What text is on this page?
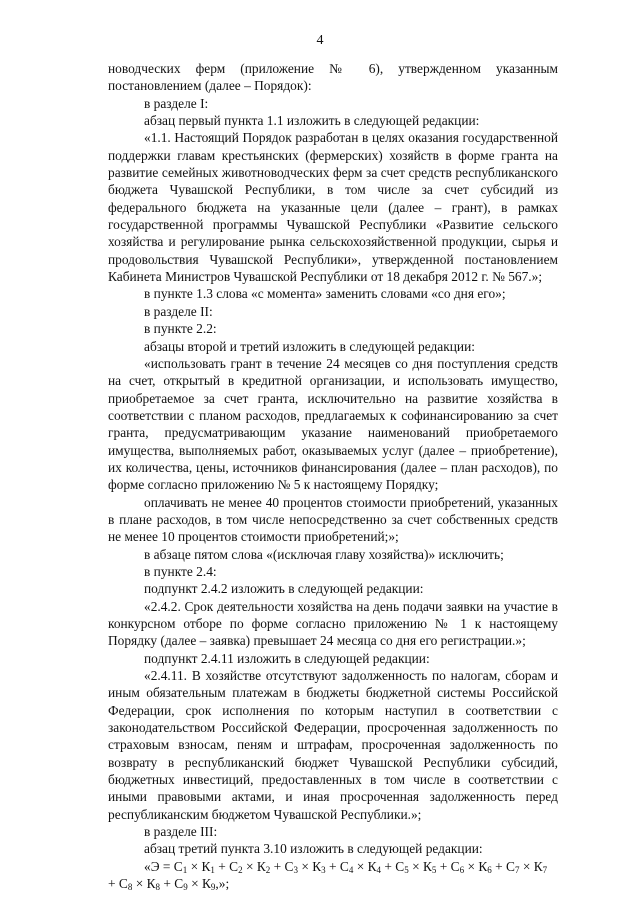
4

новодческих ферм (приложение № 6), утвержденном указанным постановлением (далее – Порядок):

в разделе I:

абзац первый пункта 1.1 изложить в следующей редакции:

«1.1. Настоящий Порядок разработан в целях оказания государственной поддержки главам крестьянских (фермерских) хозяйств в форме гранта на развитие семейных животноводческих ферм за счет средств республиканского бюджета Чувашской Республики, в том числе за счет субсидий из федерального бюджета на указанные цели (далее – грант), в рамках государственной программы Чувашской Республики «Развитие сельского хозяйства и регулирование рынка сельскохозяйственной продукции, сырья и продовольствия Чувашской Республики», утвержденной постановлением Кабинета Министров Чувашской Республики от 18 декабря 2012 г. № 567.»;

в пункте 1.3 слова «с момента» заменить словами «со дня его»;

в разделе II:

в пункте 2.2:

абзацы второй и третий изложить в следующей редакции:

«использовать грант в течение 24 месяцев со дня поступления средств на счет, открытый в кредитной организации, и использовать имущество, приобретаемое за счет гранта, исключительно на развитие хозяйства в соответствии с планом расходов, предлагаемых к софинансированию за счет гранта, предусматривающим указание наименований приобретаемого имущества, выполняемых работ, оказываемых услуг (далее – приобретение), их количества, цены, источников финансирования (далее – план расходов), по форме согласно приложению № 5 к настоящему Порядку;

оплачивать не менее 40 процентов стоимости приобретений, указанных в плане расходов, в том числе непосредственно за счет собственных средств не менее 10 процентов стоимости приобретений;»;

в абзаце пятом слова «(исключая главу хозяйства)» исключить;

в пункте 2.4:

подпункт 2.4.2 изложить в следующей редакции:

«2.4.2. Срок деятельности хозяйства на день подачи заявки на участие в конкурсном отборе по форме согласно приложению № 1 к настоящему Порядку (далее – заявка) превышает 24 месяца со дня его регистрации.»;

подпункт 2.4.11 изложить в следующей редакции:

«2.4.11. В хозяйстве отсутствуют задолженность по налогам, сборам и иным обязательным платежам в бюджеты бюджетной системы Российской Федерации, срок исполнения по которым наступил в соответствии с законодательством Российской Федерации, просроченная задолженность по страховым взносам, пеням и штрафам, просроченная задолженность по возврату в республиканский бюджет Чувашской Республики субсидий, бюджетных инвестиций, предоставленных в том числе в соответствии с иными правовыми актами, и иная просроченная задолженность перед республиканским бюджетом Чувашской Республики.»;

в разделе III:

абзац третий пункта 3.10 изложить в следующей редакции:

«$Э = С_1 \times К_1 + С_2 \times К_2 + С_3 \times К_3 + С_4 \times К_4 + С_5 \times К_5 + С_6 \times К_6 + С_7 \times К_7 + С_8 \times К_8 + С_9 \times К_9$,»;
